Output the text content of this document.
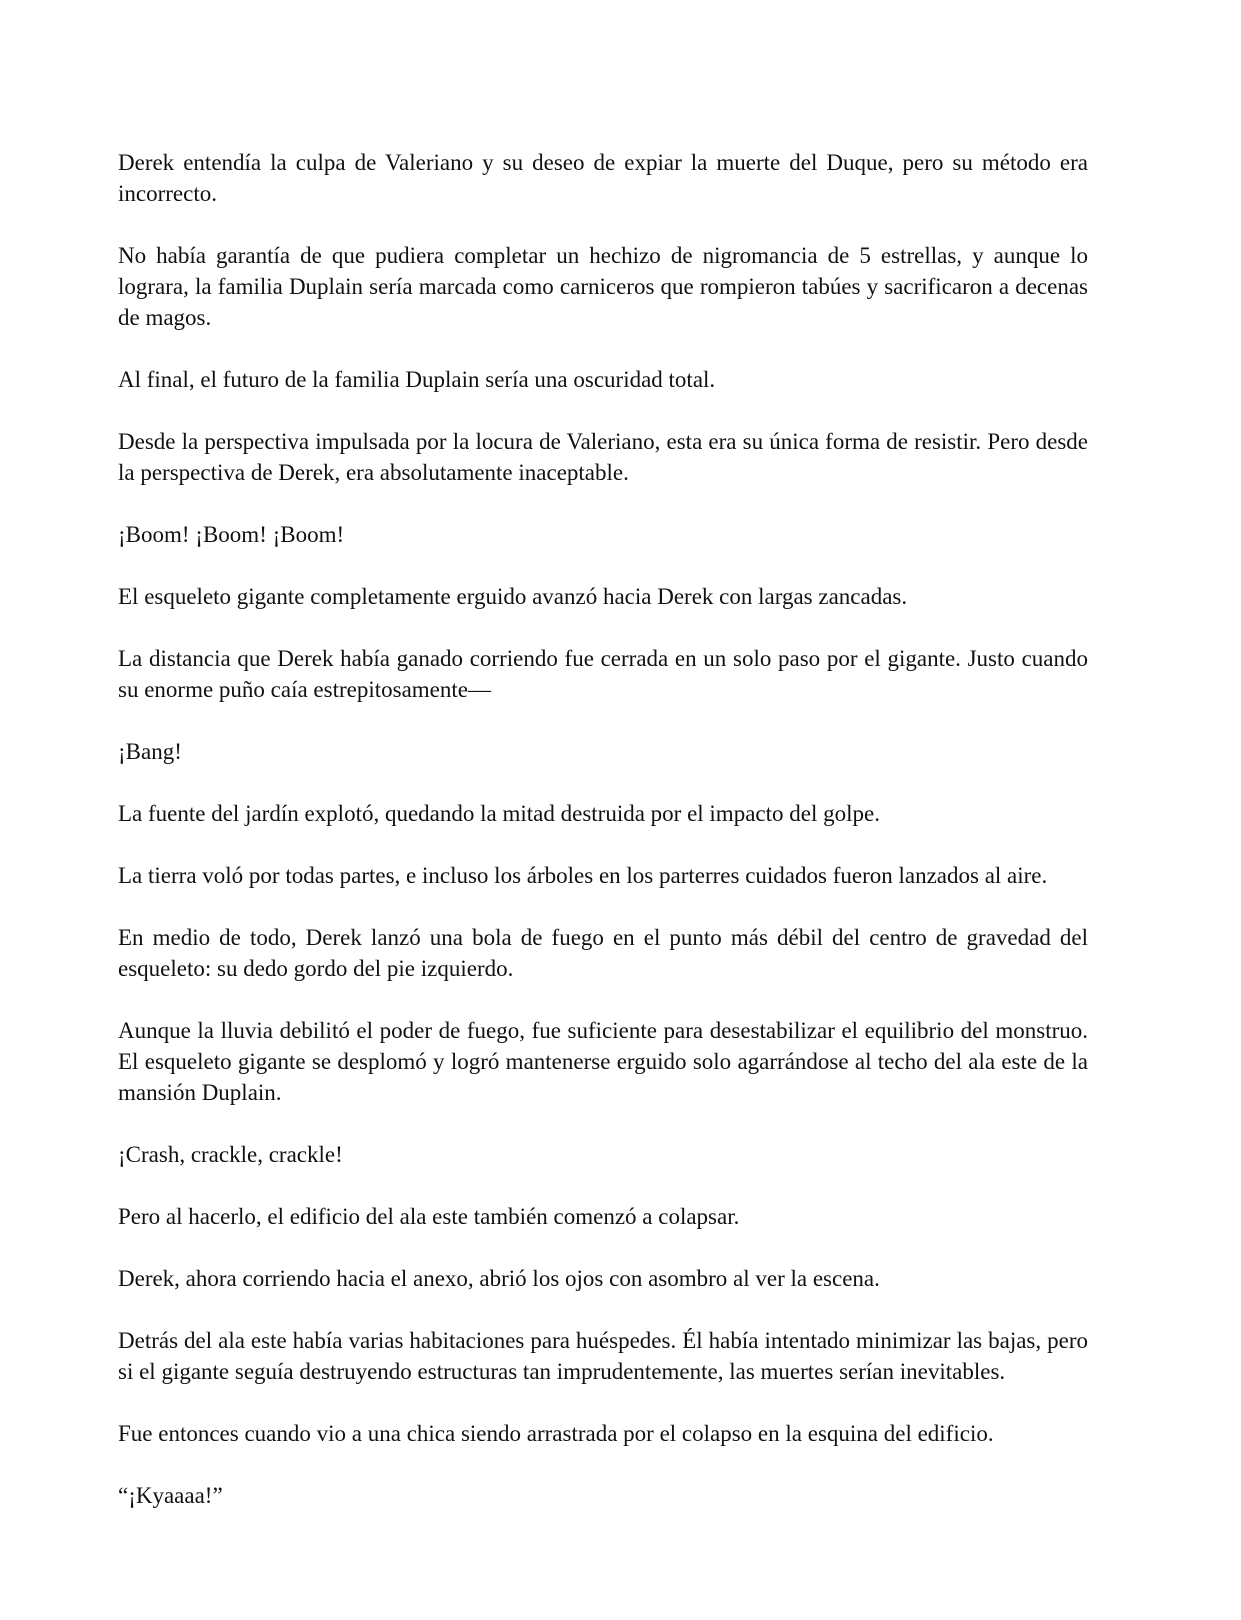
Derek entendía la culpa de Valeriano y su deseo de expiar la muerte del Duque, pero su método era incorrecto.

No había garantía de que pudiera completar un hechizo de nigromancia de 5 estrellas, y aunque lo lograra, la familia Duplain sería marcada como carniceros que rompieron tabúes y sacrificaron a decenas de magos.

Al final, el futuro de la familia Duplain sería una oscuridad total.

Desde la perspectiva impulsada por la locura de Valeriano, esta era su única forma de resistir. Pero desde la perspectiva de Derek, era absolutamente inaceptable.

¡Boom! ¡Boom! ¡Boom!

El esqueleto gigante completamente erguido avanzó hacia Derek con largas zancadas.

La distancia que Derek había ganado corriendo fue cerrada en un solo paso por el gigante. Justo cuando su enorme puño caía estrepitosamente—

¡Bang!

La fuente del jardín explotó, quedando la mitad destruida por el impacto del golpe.

La tierra voló por todas partes, e incluso los árboles en los parterres cuidados fueron lanzados al aire.

En medio de todo, Derek lanzó una bola de fuego en el punto más débil del centro de gravedad del esqueleto: su dedo gordo del pie izquierdo.

Aunque la lluvia debilitó el poder de fuego, fue suficiente para desestabilizar el equilibrio del monstruo. El esqueleto gigante se desplomó y logró mantenerse erguido solo agarrándose al techo del ala este de la mansión Duplain.

¡Crash, crackle, crackle!

Pero al hacerlo, el edificio del ala este también comenzó a colapsar.

Derek, ahora corriendo hacia el anexo, abrió los ojos con asombro al ver la escena.

Detrás del ala este había varias habitaciones para huéspedes. Él había intentado minimizar las bajas, pero si el gigante seguía destruyendo estructuras tan imprudentemente, las muertes serían inevitables.

Fue entonces cuando vio a una chica siendo arrastrada por el colapso en la esquina del edificio.

“¡Kyaaaa!”
